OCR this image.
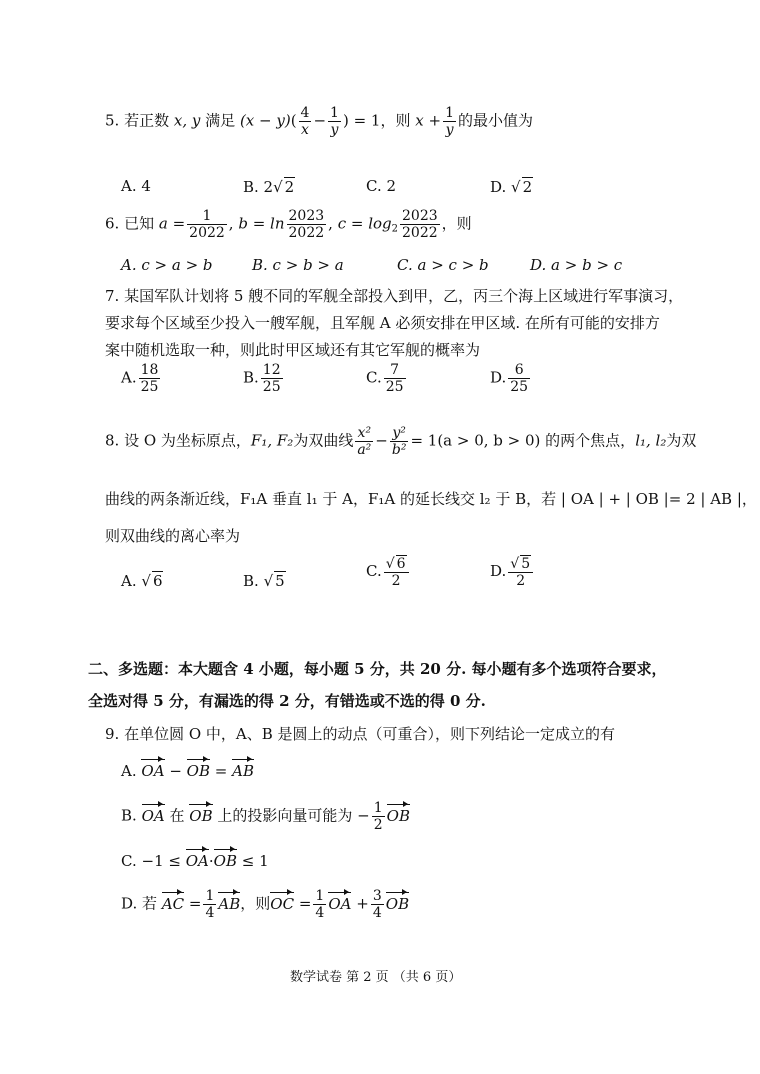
5. 若正数 x, y 满足 $(x - y)( \frac{4}{x} - \frac{1}{y}$ ) = 1，则 $x + \frac{1}{y}$ 的最小值为
A. 4	B. 2√ 2	C. 2	D. √ 2
6. 已知 $a = \frac{1}{2022}$ , $b = \ln \frac{2023}{2022}$ , $c = \log_2 \frac{2023}{2022}$ ，则
A. c > a > b	B. c > b > a	C. a > c > b	D. a > b > c
7. 某国军队计划将 5 艘不同的军舰全部投入到甲，乙，丙三个海上区域进行军事演习，
要求每个区域至少投入一艘军舰，且军舰 A 必须安排在甲区域. 在所有可能的安排方
案中随机选取一种，则此时甲区域还有其它军舰的概率为
A. $\frac{18}{25}$	B. $\frac{12}{25}$	C. $\frac{7}{25}$	D. $\frac{6}{25}$
8. 设 O 为坐标原点，F₁, F₂为双曲线 $\frac{\text{x²}}{\text{a²}} - \frac{\text{y²}}{\text{b²}} = 1(a > 0$, b > 0) 的两个焦点，l₁, l₂为双
曲线的两条渐近线，F₁A 垂直 l₁ 于 A，F₁A 的延长线交 l₂ 于 B，若 | OA | + | OB |= 2 | AB |，
则双曲线的离心率为
A. √ 6	B. √ 5
C. $\frac{√ 6}{2}$	D. $\frac{√ 5}{2}$
二、多选题：本大题含 4 小题，每小题 5 分，共 20 分. 每小题有多个选项符合要求，
全选对得 5 分，有漏选的得 2 分，有错选或不选的得 0 分.
9. 在单位圆 O 中，A、B 是圆上的动点（可重合），则下列结论一定成立的有
A. OA − OB = AB
B. OA 在 OB 上的投影向量可能为 − $\frac{1}{2}$ OB
C. −1 ≤ OA·OB ≤ 1
D. 若 AC = $\frac{1}{4}$ AB，则OC = $\frac{1}{4}$ OA + $\frac{3}{4}$ OB
数学试卷 第 2 页 （共 6 页）
